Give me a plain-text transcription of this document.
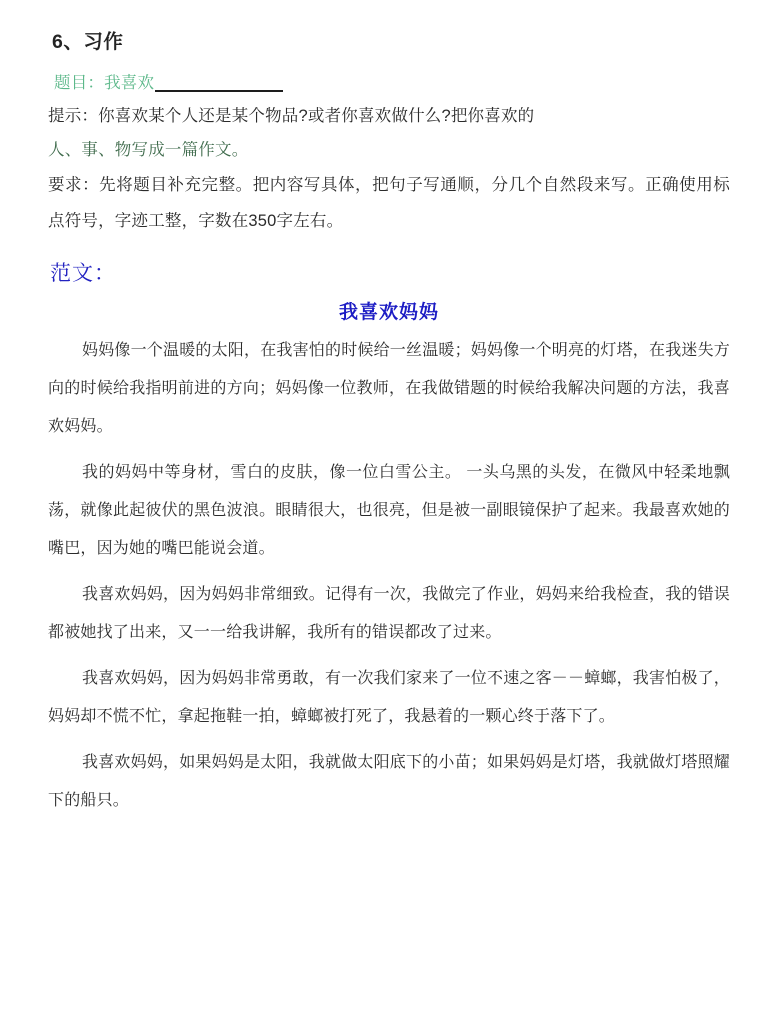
6、习作
题目：我喜欢

提示：你喜欢某个人还是某个物品?或者你喜欢做什么?把你喜欢的
人、事、物写成一篇作文。

要求：先将题目补充完整。把内容写具体，把句子写通顺，分几个自然段来写。正确使用标点符号，字迹工整，字数在350字左右。

范文：
我喜欢妈妈

妈妈像一个温暖的太阳，在我害怕的时候给一丝温暖；妈妈像一个明亮的灯塔，在我迷失方向的时候给我指明前进的方向；妈妈像一位教师，在我做错题的时候给我解决问题的方法，我喜欢妈妈。

我的妈妈中等身材，雪白的皮肤，像一位白雪公主。 一头乌黑的头发，在微风中轻柔地飘荡，就像此起彼伏的黑色波浪。眼睛很大，也很亮，但是被一副眼镜保护了起来。我最喜欢她的嘴巴，因为她的嘴巴能说会道。

我喜欢妈妈，因为妈妈非常细致。记得有一次，我做完了作业，妈妈来给我检查，我的错误都被她找了出来，又一一给我讲解，我所有的错误都改了过来。

我喜欢妈妈，因为妈妈非常勇敢，有一次我们家来了一位不速之客－－蟑螂，我害怕极了，妈妈却不慌不忙，拿起拖鞋一拍，蟑螂被打死了，我悬着的一颗心终于落下了。

我喜欢妈妈，如果妈妈是太阳，我就做太阳底下的小苗；如果妈妈是灯塔，我就做灯塔照耀下的船只。
